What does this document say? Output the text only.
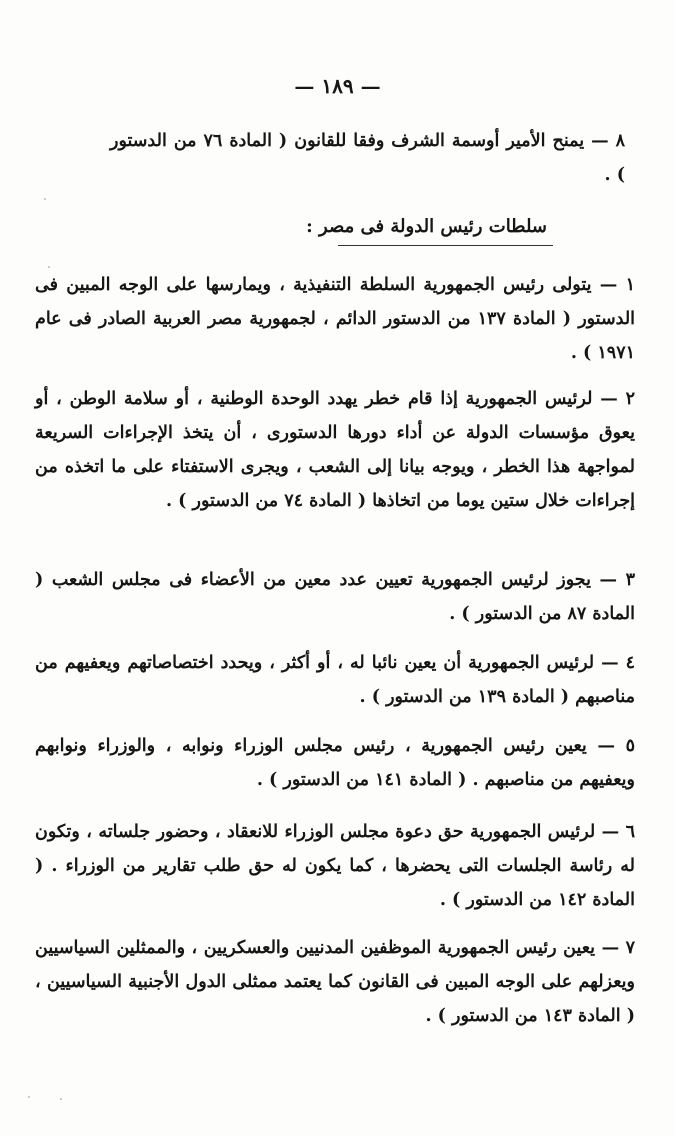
— ١٨٩ —
٨ — يمنح الأمير أوسمة الشرف وفقا للقانون ( المادة ٧٦ من الدستور ) .
سلطات رئيس الدولة فى مصر :
١ — يتولى رئيس الجمهورية السلطة التنفيذية ، ويمارسها على الوجه المبين فى الدستور ( المادة ١٣٧ من الدستور الدائم ، لجمهورية مصر العربية الصادر فى عام ١٩٧١ ) .
٢ — لرئيس الجمهورية إذا قام خطر يهدد الوحدة الوطنية ، أو سلامة الوطن ، أو يعوق مؤسسات الدولة عن أداء دورها الدستورى ، أن يتخذ الإجراءات السريعة لمواجهة هذا الخطر ، ويوجه بيانا إلى الشعب ، ويجرى الاستفتاء على ما اتخذه من إجراءات خلال ستين يوما من اتخاذها ( المادة ٧٤ من الدستور ) .
٣ — يجوز لرئيس الجمهورية تعيين عدد معين من الأعضاء فى مجلس الشعب ( المادة ٨٧ من الدستور ) .
٤ — لرئيس الجمهورية أن يعين نائبا له ، أو أكثر ، ويحدد اختصاصاتهم ويعفيهم من مناصبهم ( المادة ١٣٩ من الدستور ) .
٥ — يعين رئيس الجمهورية ، رئيس مجلس الوزراء ونوابه ، والوزراء ونوابهم ويعفيهم من مناصبهم . ( المادة ١٤١ من الدستور ) .
٦ — لرئيس الجمهورية حق دعوة مجلس الوزراء للانعقاد ، وحضور جلساته ، وتكون له رئاسة الجلسات التى يحضرها ، كما يكون له حق طلب تقارير من الوزراء . ( المادة ١٤٢ من الدستور ) .
٧ — يعين رئيس الجمهورية الموظفين المدنيين والعسكريين ، والممثلين السياسيين ويعزلهم على الوجه المبين فى القانون كما يعتمد ممثلى الدول الأجنبية السياسيين ، ( المادة ١٤٣ من الدستور ) .
